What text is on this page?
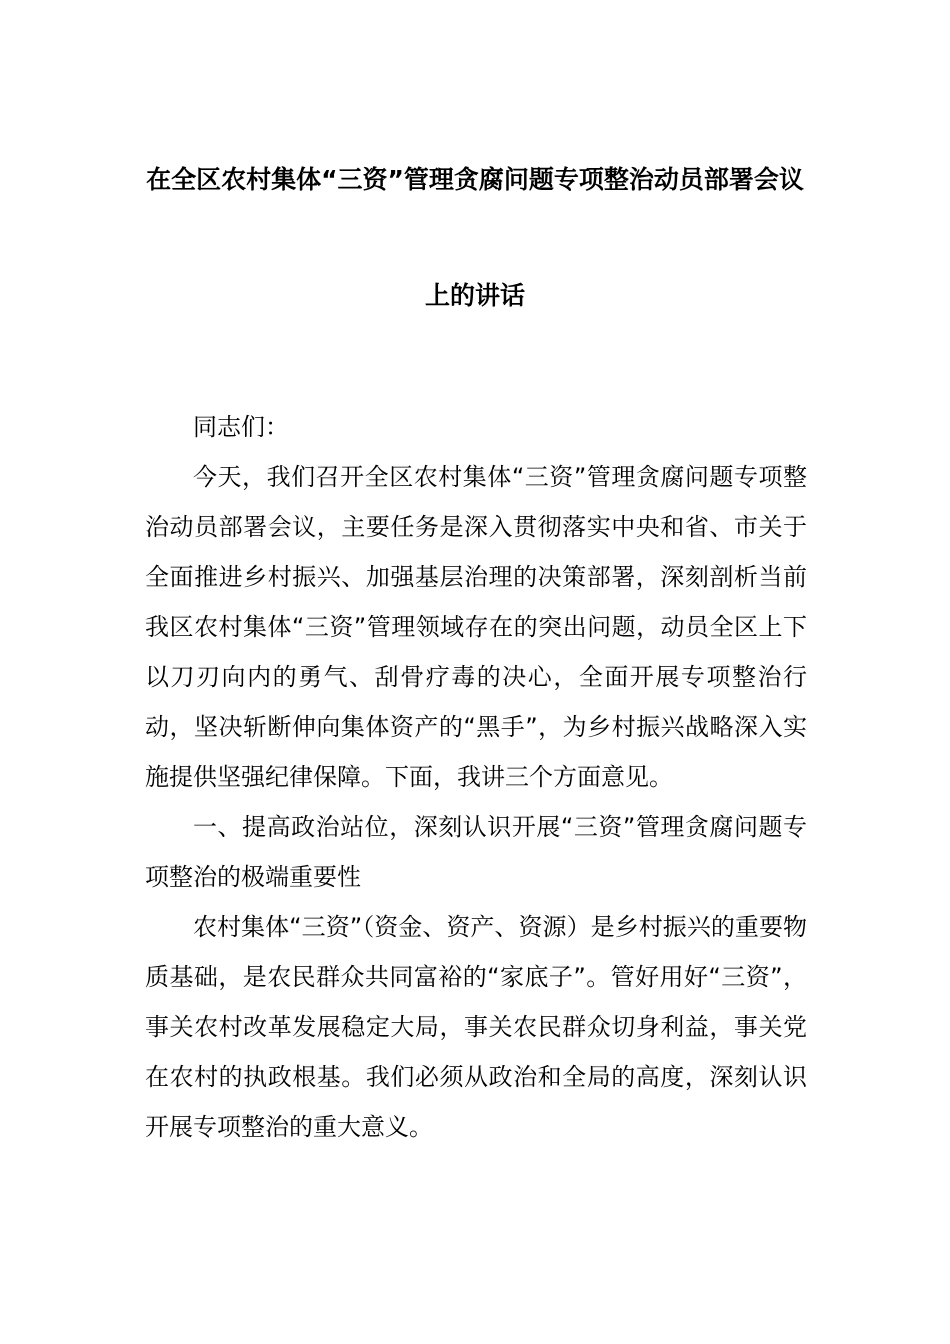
在全区农村集体“三资”管理贪腐问题专项整治动员部署会议
上的讲话

同志们：

今天，我们召开全区农村集体“三资”管理贪腐问题专项整治动员部署会议，主要任务是深入贯彻落实中央和省、市关于全面推进乡村振兴、加强基层治理的决策部署，深刻剖析当前我区农村集体“三资”管理领域存在的突出问题，动员全区上下以刀刃向内的勇气、刮骨疗毒的决心，全面开展专项整治行动，坚决斩断伸向集体资产的“黑手”，为乡村振兴战略深入实施提供坚强纪律保障。下面，我讲三个方面意见。

一、提高政治站位，深刻认识开展“三资”管理贪腐问题专项整治的极端重要性

农村集体“三资”（资金、资产、资源）是乡村振兴的重要物质基础，是农民群众共同富裕的“家底子”。管好用好“三资”，事关农村改革发展稳定大局，事关农民群众切身利益，事关党在农村的执政根基。我们必须从政治和全局的高度，深刻认识开展专项整治的重大意义。
